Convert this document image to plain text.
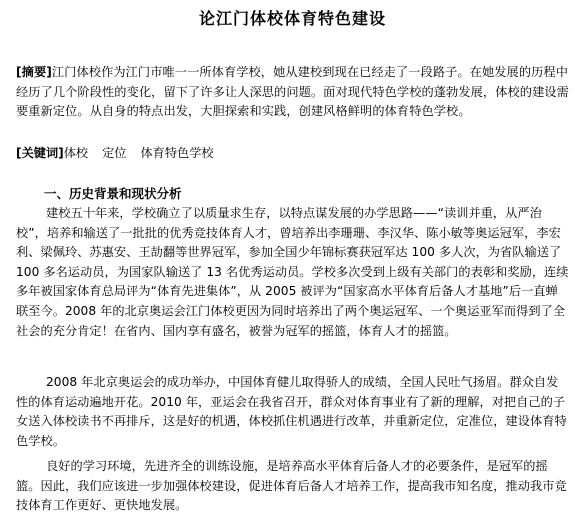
论江门体校体育特色建设
[摘要]江门体校作为江门市唯一一所体育学校，她从建校到现在已经走了一段路子。在她发展的历程中经历了几个阶段性的变化，留下了许多让人深思的问题。面对现代特色学校的蓬勃发展，体校的建设需要重新定位。从自身的特点出发，大胆探索和实践，创建风格鲜明的体育特色学校。
[关键词]体校 定位 体育特色学校
一、历史背景和现状分析
建校五十年来，学校确立了以质量求生存，以特点谋发展的办学思路——“读训并重，从严治校”，培养和输送了一批批的优秀竞技体育人才，曾培养出李珊珊、李汉华、陈小敏等奥运冠军，李宏利、梁佩玲、苏惠安、王劼翻等世界冠军，参加全国少年锦标赛获冠军达 100 多人次，为省队输送了 100 多名运动员，为国家队输送了 13 名优秀运动员。学校多次受到上级有关部门的表彰和奖励，连续多年被国家体育总局评为“体育先进集体”，从 2005 被评为“国家高水平体育后备人才基地”后一直蝉联至今。2008 年的北京奥运会江门体校更因为同时培养出了两个奥运冠军、一个奥运亚军而得到了全社会的充分肯定！在省内、国内享有盛名，被誉为冠军的摇篮，体育人才的摇篮。
2008 年北京奥运会的成功举办，中国体育健儿取得骄人的成绩，全国人民吐气扬眉。群众自发性的体育运动遍地开花。2010 年，亚运会在我省召开，群众对体育事业有了新的理解，对把自己的子女送入体校读书不再排斥，这是好的机遇，体校抓住机遇进行改革，并重新定位，定准位，建设体育特色学校。
良好的学习环境，先进齐全的训练设施，是培养高水平体育后备人才的必要条件，是冠军的摇篮。因此，我们应该进一步加强体校建设，促进体育后备人才培养工作，提高我市知名度，推动我市竞技体育工作更好、更快地发展。
